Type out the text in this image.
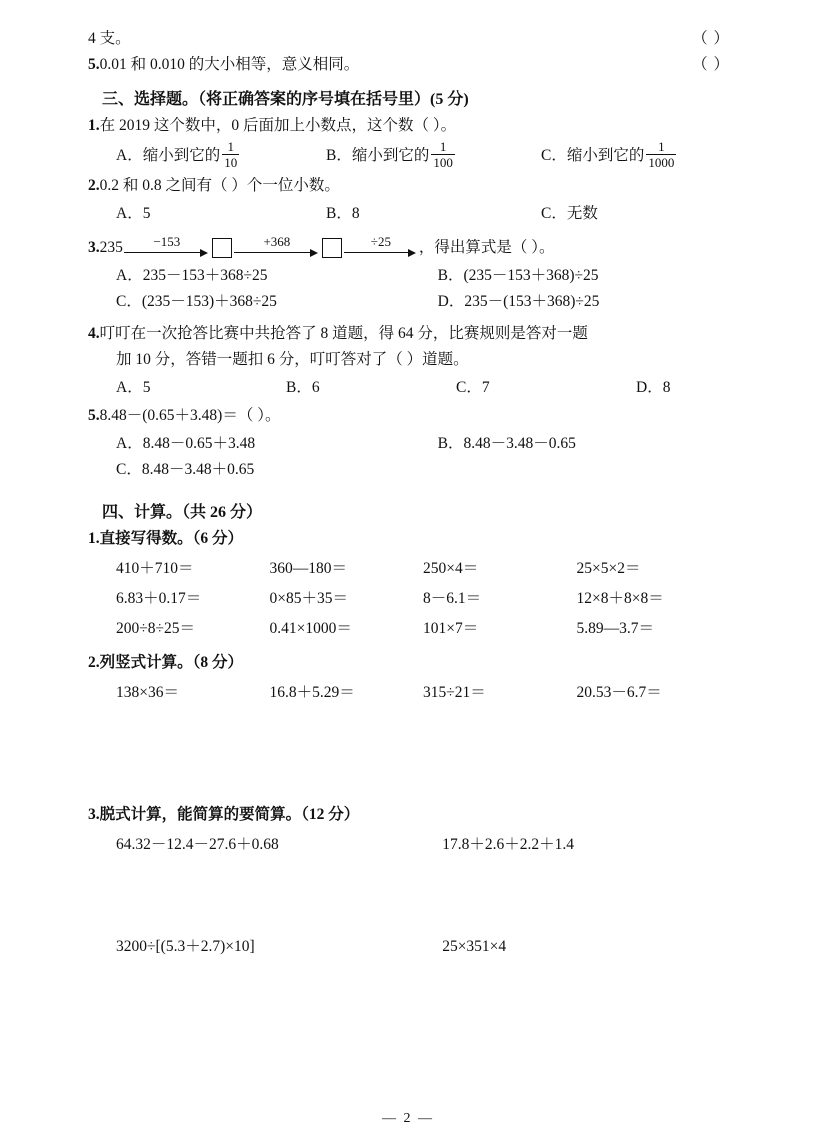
4 支。	（ ）
5.0.01 和 0.010 的大小相等，意义相同。	（ ）
三、选择题。（将正确答案的序号填在括号里）(5 分)
1.在 2019 这个数中，0 后面加上小数点，这个数（ ）。
A．缩小到它的 $\frac{1}{10}$	B．缩小到它的 $\frac{1}{100}$	C．缩小到它的 $\frac{1}{1000}$
2.0.2 和 0.8 之间有（ ）个一位小数。
A．5	B．8	C．无数
3. 235 −153	+368	÷25 ，得出算式是（ ）。
A．235－153＋368÷25	B．(235－153＋368)÷25
C．(235－153)＋368÷25	D．235－(153＋368)÷25
4.叮叮在一次抢答比赛中共抢答了 8 道题，得 64 分，比赛规则是答对一题
加 10 分，答错一题扣 6 分，叮叮答对了（ ）道题。
A．5	B．6	C．7	D．8
5.8.48－(0.65＋3.48)＝（ ）。
A．8.48－0.65＋3.48	B．8.48－3.48－0.65
C．8.48－3.48＋0.65
四、计算。（共 26 分）
1.直接写得数。（6 分）
410＋710＝	360—180＝	250×4＝	25×5×2＝
6.83＋0.17＝	0×85＋35＝	8－6.1＝	12×8＋8×8＝
200÷8÷25＝	0.41×1000＝	101×7＝	5.89—3.7＝
2.列竖式计算。（8 分）
138×36＝	16.8＋5.29＝	315÷21＝	20.53－6.7＝
3.脱式计算，能简算的要简算。（12 分）
64.32－12.4－27.6＋0.68	17.8＋2.6＋2.2＋1.4
3200÷[(5.3＋2.7)×10]	25×351×4
— 2 —
